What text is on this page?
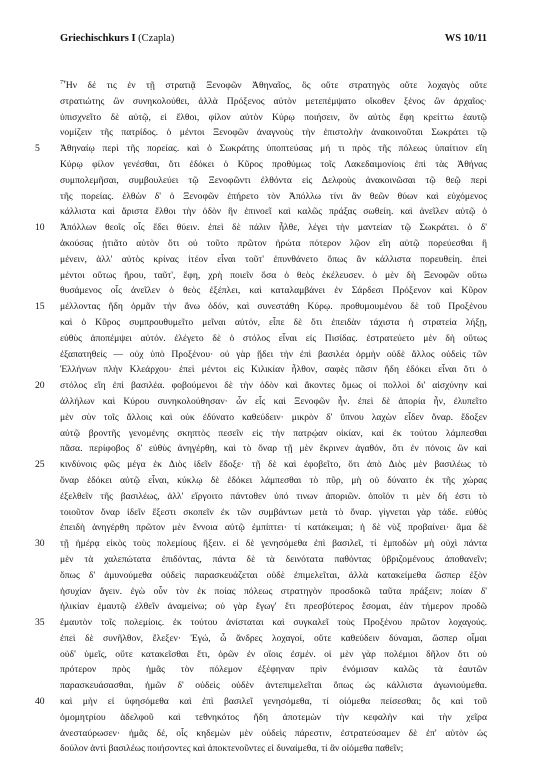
Griechischkurs I (Czapla)	WS 10/11
$^7$Ἦν δέ τις ἐν τῇ στρατιᾷ Ξενοφῶν Ἀθηναῖος, ὃς οὔτε στρατηγὸς οὔτε λοχαγὸς οὔτε
στρατιώτης ὢν συνηκολούθει, ἀλλὰ Πρόξενος αὐτὸν μετεπέμψατο οἴκοθεν ξένος ὢν ἀρχαῖος·
ὑπισχνεῖτο δὲ αὐτῷ, εἰ ἔλθοι, φίλον αὐτὸν Κύρῳ ποιήσειν, ὃν αὐτὸς ἔφη κρείττω ἑαυτῷ
νομίζειν τῆς πατρίδος. ὁ μέντοι Ξενοφῶν ἀναγνοὺς τὴν ἐπιστολὴν ἀνακοινοῦται Σωκράτει τῷ
5	Ἀθηναίῳ περὶ τῆς πορείας. καὶ ὁ Σωκράτης ὑποπτεύσας μή τι πρὸς τῆς πόλεως ὑπαίτιον εἴη
Κύρῳ φίλον γενέσθαι, ὅτι ἐδόκει ὁ Κῦρος προθύμως τοῖς Λακεδαιμονίοις ἐπὶ τὰς Ἀθήνας
συμπολεμῆσαι, συμβουλεύει τῷ Ξενοφῶντι ἐλθόντα εἰς Δελφοὺς ἀνακοινῶσαι τῷ θεῷ περὶ
τῆς πορείας. ἐλθὼν δ' ὁ Ξενοφῶν ἐπήρετο τὸν Ἀπόλλω τίνι ἂν θεῶν θύων καὶ εὐχόμενος
κάλλιστα καὶ ἄριστα ἔλθοι τὴν ὁδὸν ἣν ἐπινοεῖ καὶ καλῶς πράξας σωθείη. καὶ ἀνεῖλεν αὐτῷ ὁ
10	Ἀπόλλων θεοῖς οἷς ἔδει θύειν. ἐπεὶ δὲ πάλιν ἦλθε, λέγει τὴν μαντείαν τῷ Σωκράτει. ὁ δ'
ἀκούσας ᾐτιᾶτο αὐτὸν ὅτι οὐ τοῦτο πρῶτον ἠρώτα πότερον λῷον εἴη αὐτῷ πορεύεσθαι ἢ
μένειν, ἀλλ' αὐτὸς κρίνας ἰτέον εἶναι τοῦτ' ἐπυνθάνετο ὅπως ἂν κάλλιστα πορευθείη. ἐπεὶ
μέντοι οὕτως ἤρου, ταῦτ', ἔφη, χρὴ ποιεῖν ὅσα ὁ θεὸς ἐκέλευσεν. ὁ μὲν δὴ Ξενοφῶν οὕτω
θυσάμενος οἷς ἀνεῖλεν ὁ θεὸς ἐξέπλει, καὶ καταλαμβάνει ἐν Σάρδεσι Πρόξενον καὶ Κῦρον
15	μέλλοντας ἤδη ὁρμᾶν τὴν ἄνω ὁδόν, καὶ συνεστάθη Κύρῳ. προθυμουμένου δὲ τοῦ Προξένου
καὶ ὁ Κῦρος συμπρουθυμεῖτο μεῖναι αὐτόν, εἶπε δὲ ὅτι ἐπειδὰν τάχιστα ἡ στρατεία λήξῃ,
εὐθὺς ἀποπέμψει αὐτόν. ἐλέγετο δὲ ὁ στόλος εἶναι εἰς Πισίδας. ἐστρατεύετο μὲν δὴ οὕτως
ἐξαπατηθείς — οὐχ ὑπὸ Προξένου· οὐ γὰρ ᾔδει τὴν ἐπὶ βασιλέα ὁρμὴν οὐδὲ ἄλλος οὐδεὶς τῶν
Ἑλλήνων πλὴν Κλεάρχου· ἐπεὶ μέντοι εἰς Κιλικίαν ἦλθον, σαφὲς πᾶσιν ἤδη ἐδόκει εἶναι ὅτι ὁ
20	στόλος εἴη ἐπὶ βασιλέα. φοβούμενοι δὲ τὴν ὁδὸν καὶ ἄκοντες ὅμως οἱ πολλοὶ δι' αἰσχύνην καὶ
ἀλλήλων καὶ Κύρου συνηκολούθησαν· ὧν εἷς καὶ Ξενοφῶν ἦν. ἐπεὶ δὲ ἀπορία ἦν, ἐλυπεῖτο
μὲν σὺν τοῖς ἄλλοις καὶ οὐκ ἐδύνατο καθεύδειν· μικρὸν δ' ὕπνου λαχὼν εἶδεν ὄναρ. ἔδοξεν
αὐτῷ βροντῆς γενομένης σκηπτὸς πεσεῖν εἰς τὴν πατρῴαν οἰκίαν, καὶ ἐκ τούτου λάμπεσθαι
πᾶσα. περίφοβος δ' εὐθὺς ἀνηγέρθη, καὶ τὸ ὄναρ τῇ μὲν ἔκρινεν ἀγαθόν, ὅτι ἐν πόνοις ὢν καὶ
25	κινδύνοις φῶς μέγα ἐκ Διὸς ἰδεῖν ἔδοξε· τῇ δὲ καὶ ἐφοβεῖτο, ὅτι ἀπὸ Διὸς μὲν βασιλέως τὸ
ὄναρ ἐδόκει αὐτῷ εἶναι, κύκλῳ δὲ ἐδόκει λάμπεσθαι τὸ πῦρ, μὴ οὐ δύναιτο ἐκ τῆς χώρας
ἐξελθεῖν τῆς βασιλέως, ἀλλ' εἴργοιτο πάντοθεν ὑπό τινων ἀποριῶν. ὁποῖόν τι μὲν δή ἐστι τὸ
τοιοῦτον ὄναρ ἰδεῖν ἔξεστι σκοπεῖν ἐκ τῶν συμβάντων μετὰ τὸ ὄναρ. γίγνεται γὰρ τάδε. εὐθὺς
ἐπειδὴ ἀνηγέρθη πρῶτον μὲν ἔννοια αὐτῷ ἐμπίπτει· τί κατάκειμαι; ἡ δὲ νὺξ προβαίνει· ἅμα δὲ
30	τῇ ἡμέρᾳ εἰκὸς τοὺς πολεμίους ἥξειν. εἰ δὲ γενησόμεθα ἐπὶ βασιλεῖ, τί ἐμποδὼν μὴ οὐχὶ πάντα
μὲν τὰ χαλεπώτατα ἐπιδόντας, πάντα δὲ τὰ δεινότατα παθόντας ὑβριζομένους ἀποθανεῖν;
ὅπως δ' ἀμυνούμεθα οὐδεὶς παρασκευάζεται οὐδὲ ἐπιμελεῖται, ἀλλὰ κατακείμεθα ὥσπερ ἐξὸν
ἡσυχίαν ἄγειν. ἐγὼ οὖν τὸν ἐκ ποίας πόλεως στρατηγὸν προσδοκῶ ταῦτα πράξειν; ποίαν δ'
ἡλικίαν ἐμαυτῷ ἐλθεῖν ἀναμείνω; οὐ γὰρ ἔγωγ' ἔτι πρεσβύτερος ἔσομαι, ἐὰν τήμερον προδῶ
35	ἐμαυτὸν τοῖς πολεμίοις. ἐκ τούτου ἀνίσταται καὶ συγκαλεῖ τοὺς Προξένου πρῶτον λοχαγούς.
ἐπεὶ δὲ συνῆλθον, ἔλεξεν· Ἐγώ, ὦ ἄνδρες λοχαγοί, οὔτε καθεύδειν δύναμαι, ὥσπερ οἶμαι
οὐδ' ὑμεῖς, οὔτε κατακεῖσθαι ἔτι, ὁρῶν ἐν οἵοις ἐσμέν. οἱ μὲν γὰρ πολέμιοι δῆλον ὅτι οὐ
πρότερον πρὸς ἡμᾶς τὸν πόλεμον ἐξέφηναν πρὶν ἐνόμισαν καλῶς τὰ ἑαυτῶν
παρασκευάσασθαι, ἡμῶν δ' οὐδεὶς οὐδὲν ἀντεπιμελεῖται ὅπως ὡς κάλλιστα ἀγωνιούμεθα.
40	καὶ μὴν εἰ ὑφησόμεθα καὶ ἐπὶ βασιλεῖ γενησόμεθα, τί οἰόμεθα πείσεσθαι; ὃς καὶ τοῦ
ὁμομητρίου ἀδελφοῦ καὶ τεθνηκότος ἤδη ἀποτεμὼν τὴν κεφαλὴν καὶ τὴν χεῖρα
ἀνεσταύρωσεν· ἡμᾶς δέ, οἷς κηδεμὼν μὲν οὐδεὶς πάρεστιν, ἐστρατεύσαμεν δὲ ἐπ' αὐτὸν ὡς
δούλον ἀντὶ βασιλέως ποιήσοντες καὶ ἀποκτενοῦντες εἰ δυναίμεθα, τί ἂν οἰόμεθα παθεῖν;
